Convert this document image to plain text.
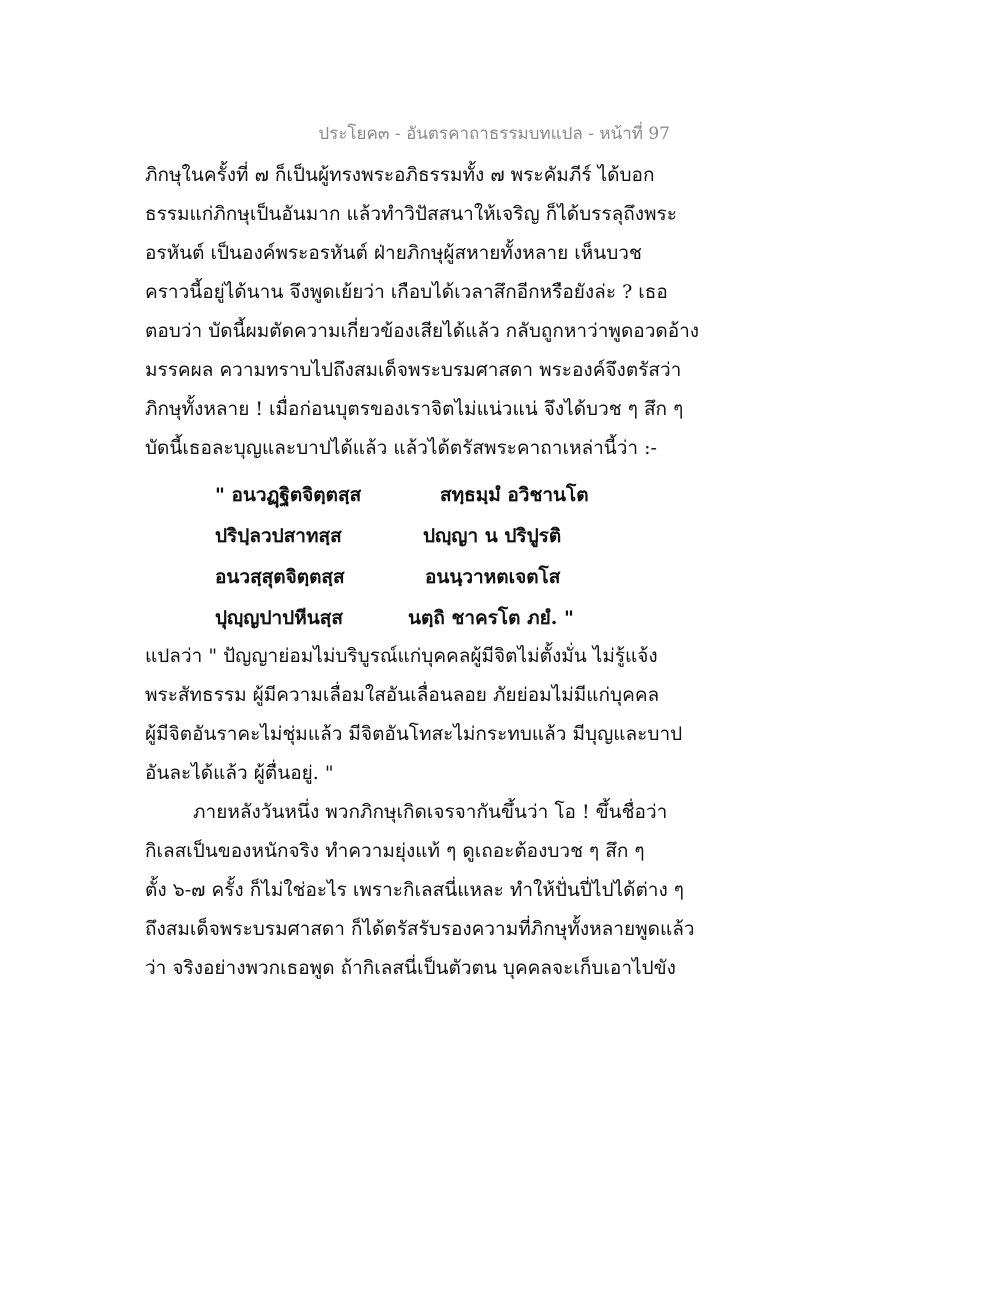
ประโยค๓ - อันตรคาถาธรรมบทแปล - หน้าที่ 97
ภิกษุในครั้งที่ ๗ ก็เป็นผู้ทรงพระอภิธรรมทั้ง ๗ พระคัมภีร์ ได้บอก
ธรรมแก่ภิกษุเป็นอันมาก แล้วทำวิปัสสนาให้เจริญ ก็ได้บรรลุถึงพระ
อรหันต์ เป็นองค์พระอรหันต์ ฝ่ายภิกษุผู้สหายทั้งหลาย เห็นบวช
คราวนี้อยู่ได้นาน จึงพูดเย้ยว่า เกือบได้เวลาสึกอีกหรือยังล่ะ ? เธอ
ตอบว่า บัดนี้ผมตัดความเกี่ยวข้องเสียได้แล้ว กลับถูกหาว่าพูดอวดอ้าง
มรรคผล ความทราบไปถึงสมเด็จพระบรมศาสดา พระองค์จึงตรัสว่า
ภิกษุทั้งหลาย ! เมื่อก่อนบุตรของเราจิตไม่แน่วแน่ จึงได้บวช ๆ สึก ๆ
บัดนี้เธอละบุญและบาปได้แล้ว แล้วได้ตรัสพระคาถาเหล่านี้ว่า :-
" อนวฏฺฐิตจิตฺตสฺส	สทฺธมฺมํ อวิชานโต
ปริปฺลวปสาทสฺส	ปญฺญา น ปริปูรติ
อนวสฺสุตจิตฺตสฺส	อนนฺวาหตเจตโส
ปุญฺญปาปหีนสฺส	นตฺถิ ชาครโต ภยํ. "
แปลว่า " ปัญญาย่อมไม่บริบูรณ์แก่บุคคลผู้มีจิตไม่ตั้งมั่น ไม่รู้แจ้ง
พระสัทธรรม ผู้มีความเลื่อมใสอันเลื่อนลอย ภัยย่อมไม่มีแก่บุคคล
ผู้มีจิตอันราคะไม่ชุ่มแล้ว มีจิตอันโทสะไม่กระทบแล้ว มีบุญและบาป
อันละได้แล้ว ผู้ตื่นอยู่. "
ภายหลังวันหนึ่ง พวกภิกษุเกิดเจรจากันขึ้นว่า โอ ! ขึ้นชื่อว่า
กิเลสเป็นของหนักจริง ทำความยุ่งแท้ ๆ ดูเถอะต้องบวช ๆ สึก ๆ
ตั้ง ๖-๗ ครั้ง ก็ไม่ใช่อะไร เพราะกิเลสนี่แหละ ทำให้ปั่นปี่ไปได้ต่าง ๆ
ถึงสมเด็จพระบรมศาสดา ก็ได้ตรัสรับรองความที่ภิกษุทั้งหลายพูดแล้ว
ว่า จริงอย่างพวกเธอพูด ถ้ากิเลสนี่เป็นตัวตน บุคคลจะเก็บเอาไปขัง
